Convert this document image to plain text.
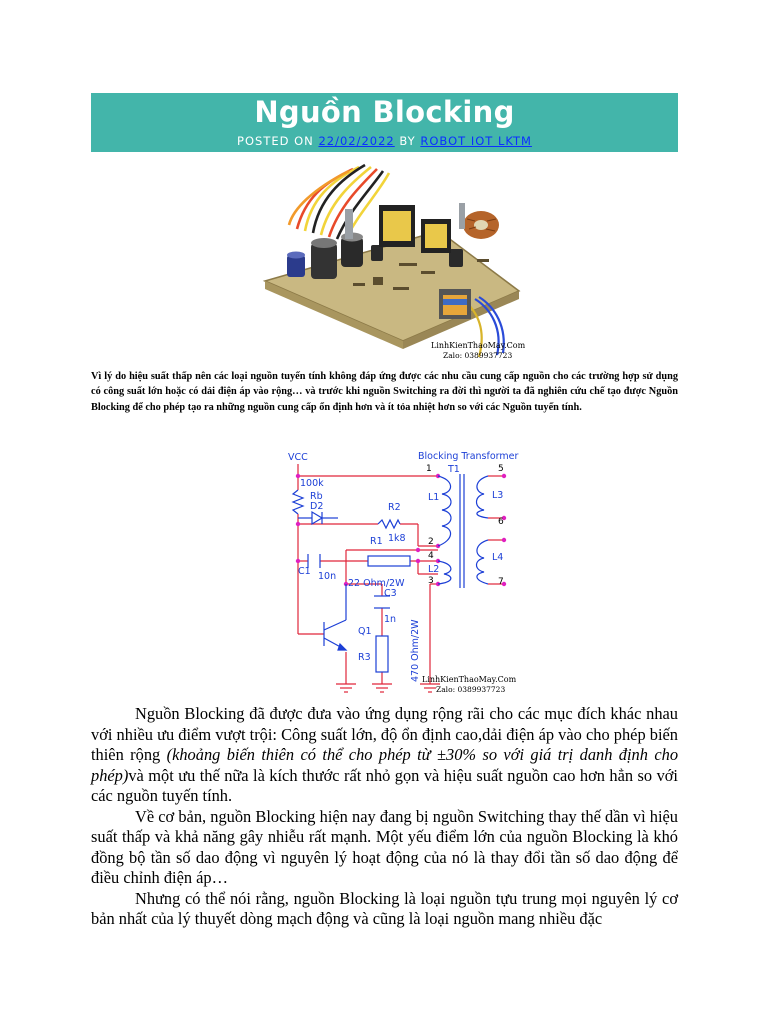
Nguồn Blocking
POSTED ON 22/02/2022 BY ROBOT IOT LKTM
LinhKienThaoMay.Com
Zalo: 0389937723
Vì lý do hiệu suất thấp nên các loại nguồn tuyến tính không đáp ứng được các nhu cầu cung cấp nguồn cho các trường hợp sử dụng có công suất lớn hoặc có dải điện áp vào rộng… và trước khi nguồn Switching ra đời thì người ta đã nghiên cứu chế tạo được Nguồn Blocking để cho phép tạo ra những nguồn cung cấp ổn định hơn và ít tỏa nhiệt hơn so với các Nguồn tuyến tính.
VCC	Blocking Transformer
T1
L1
L2
L3
L4
100k
Rb
D2	R2
R1 1k8
C1 10n
22 Ohm/2W
C3
1n
Q1
R3	470 Ohm/2W
1
2
3
4
5
6
7
LinhKienThaoMay.Com
Zalo: 0389937723

Nguồn Blocking đã được đưa vào ứng dụng rộng rãi cho các mục đích khác nhau với nhiều ưu điểm vượt trội: Công suất lớn, độ ổn định cao,dải điện áp vào cho phép biến thiên rộng (khoảng biến thiên có thể cho phép từ ±30% so với giá trị danh định cho phép)và một ưu thế nữa là kích thước rất nhỏ gọn và hiệu suất nguồn cao hơn hẳn so với các nguồn tuyến tính.

Về cơ bản, nguồn Blocking hiện nay đang bị nguồn Switching thay thế dần vì hiệu suất thấp và khả năng gây nhiễu rất mạnh. Một yếu điểm lớn của nguồn Blocking là khó đồng bộ tần số dao động vì nguyên lý hoạt động của nó là thay đổi tần số dao động để điều chỉnh điện áp…

Nhưng có thể nói rằng, nguồn Blocking là loại nguồn tựu trung mọi nguyên lý cơ bản nhất của lý thuyết dòng mạch động và cũng là loại nguồn mang nhiều đặc
